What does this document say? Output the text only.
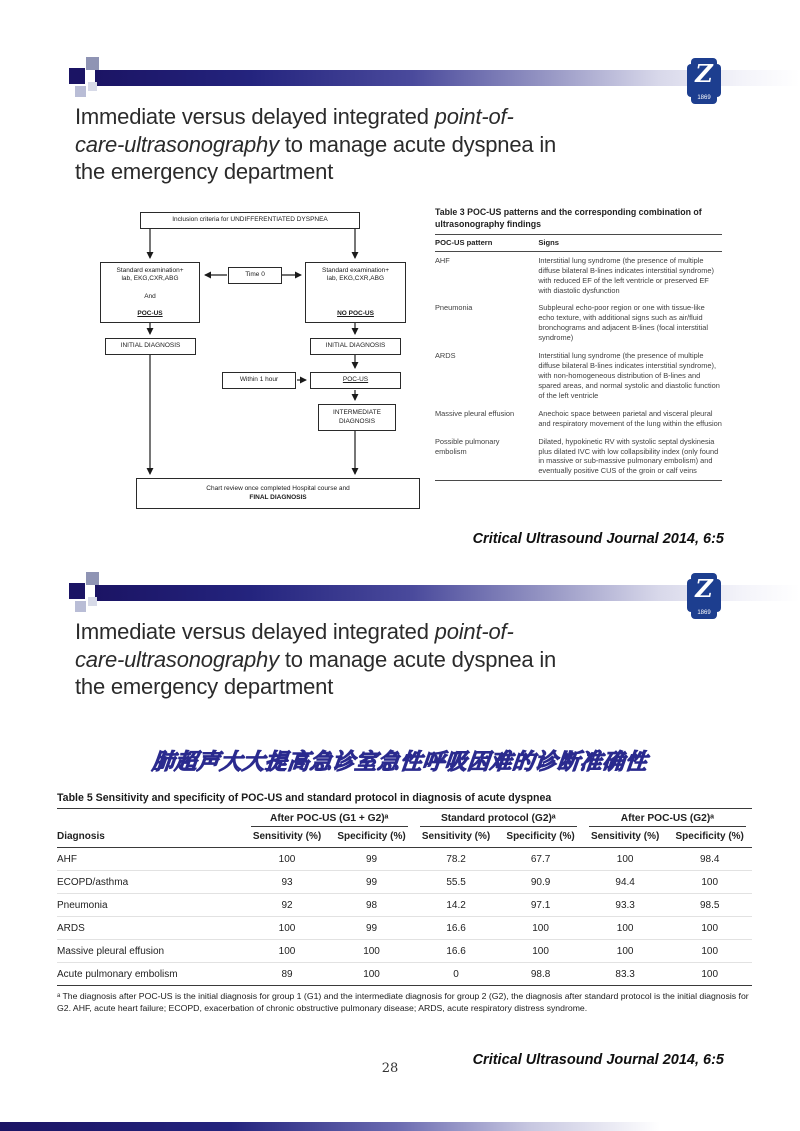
Z
1869
Immediate versus delayed integrated point-of-
care-ultrasonography to manage acute dyspnea in
the emergency department
Inclusion criteria for UNDIFFERENTIATED DYSPNEA
Standard examination+
lab, EKG,CXR,ABG
And
POC-US
Time 0
Standard examination+
lab, EKG,CXR,ABG
NO POC-US
INITIAL DIAGNOSIS	INITIAL DIAGNOSIS
Within 1 hour	POC-US
INTERMEDIATE DIAGNOSIS
Chart review once completed Hospital course and
FINAL DIAGNOSIS
Table 3 POC-US patterns and the corresponding combination of ultrasonography findings
POC-US pattern	Signs
AHF	Interstitial lung syndrome (the presence of multiple diffuse bilateral B-lines indicates interstitial syndrome) with reduced EF of the left ventricle or preserved EF with diastolic dysfunction
Pneumonia	Subpleural echo-poor region or one with tissue-like echo texture, with additional signs such as air/fluid bronchograms and adjacent B-lines (focal interstitial syndrome)
ARDS	Interstitial lung syndrome (the presence of multiple diffuse bilateral B-lines indicates interstitial syndrome), with non-homogeneous distribution of B-lines and spared areas, and normal systolic and diastolic function of the left ventricle
Massive pleural effusion	Anechoic space between parietal and visceral pleural and respiratory movement of the lung within the effusion
Possible pulmonary embolism	Dilated, hypokinetic RV with systolic septal dyskinesia plus dilated IVC with low collapsibility index (only found in massive or sub-massive pulmonary embolism) and eventually positive CUS of the groin or calf veins
Critical Ultrasound Journal 2014, 6:5
Z
1869
Immediate versus delayed integrated point-of-
care-ultrasonography to manage acute dyspnea in
the emergency department
肺超声大大提高急诊室急性呼吸困难的诊断准确性
Table 5 Sensitivity and specificity of POC-US and standard protocol in diagnosis of acute dyspnea

	After POC-US (G1 + G2)ᵃ		Standard protocol (G2)ᵃ		After POC-US (G2)ᵃ	

Diagnosis	Sensitivity (%)	Specificity (%)	Sensitivity (%)	Specificity (%)	Sensitivity (%)	Specificity (%)
AHF	100	99	78.2	67.7	100	98.4
ECOPD/asthma	93	99	55.5	90.9	94.4	100
Pneumonia	92	98	14.2	97.1	93.3	98.5
ARDS	100	99	16.6	100	100	100
Massive pleural effusion	100	100	16.6	100	100	100
Acute pulmonary embolism	89	100	0	98.8	83.3	100
ᵃ The diagnosis after POC-US is the initial diagnosis for group 1 (G1) and the intermediate diagnosis for group 2 (G2), the diagnosis after standard protocol is the initial diagnosis for G2. AHF, acute heart failure; ECOPD, exacerbation of chronic obstructive pulmonary disease; ARDS, acute respiratory distress syndrome.
28
Critical Ultrasound Journal 2014, 6:5
